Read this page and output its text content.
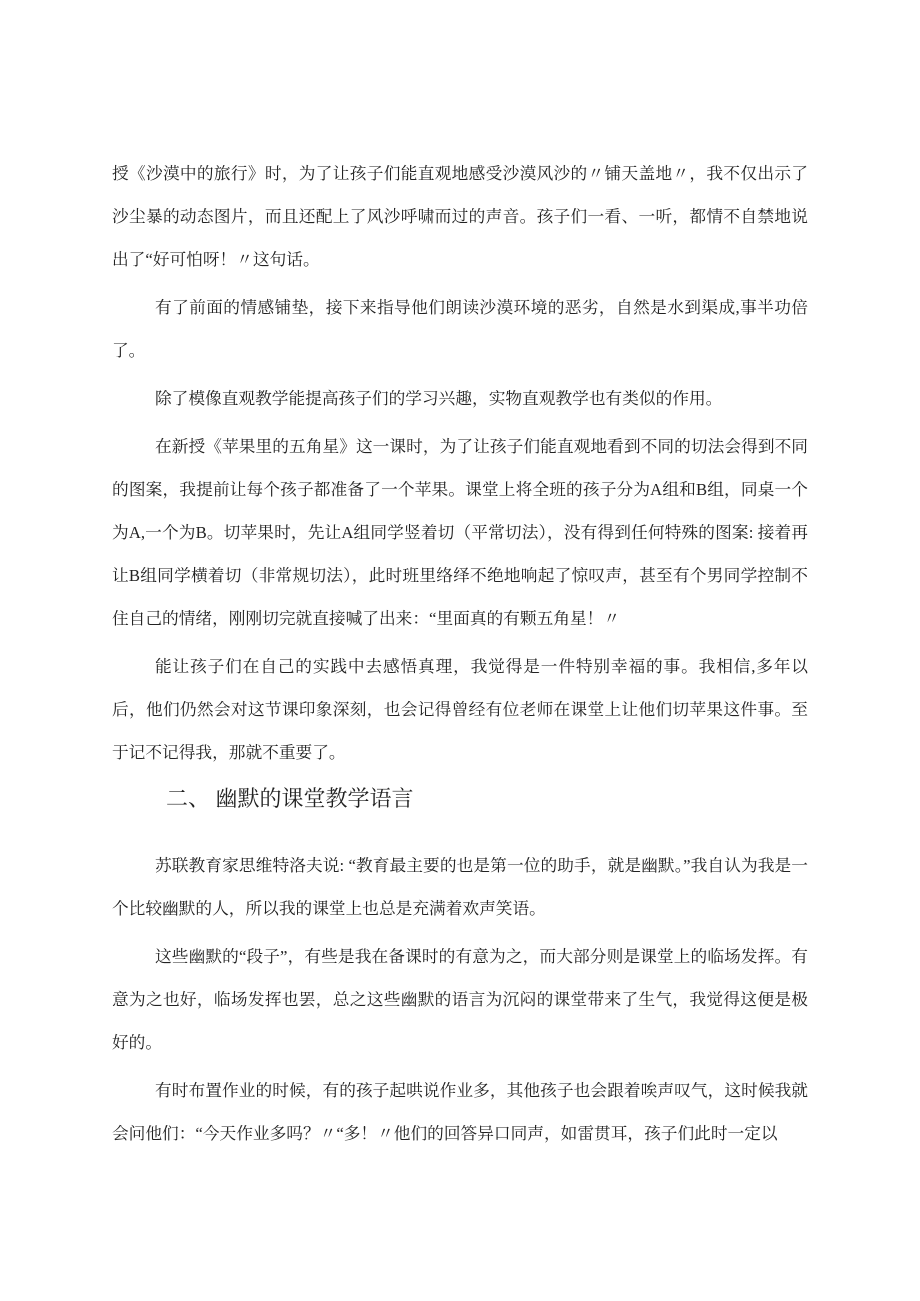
授《沙漠中的旅行》时，为了让孩子们能直观地感受沙漠风沙的〃铺天盖地〃，我不仅出示了沙尘暴的动态图片，而且还配上了风沙呼啸而过的声音。孩子们一看、一听，都情不自禁地说出了“好可怕呀！〃这句话。

有了前面的情感铺垫，接下来指导他们朗读沙漠环境的恶劣，自然是水到渠成,事半功倍了。

除了模像直观教学能提高孩子们的学习兴趣，实物直观教学也有类似的作用。

在新授《苹果里的五角星》这一课时，为了让孩子们能直观地看到不同的切法会得到不同的图案，我提前让每个孩子都准备了一个苹果。课堂上将全班的孩子分为A组和B组，同桌一个为A,一个为B。切苹果时，先让A组同学竖着切（平常切法），没有得到任何特殊的图案: 接着再让B组同学横着切（非常规切法），此时班里络绎不绝地响起了惊叹声，甚至有个男同学控制不住自己的情绪，刚刚切完就直接喊了出来：“里面真的有颗五角星！〃

能让孩子们在自己的实践中去感悟真理，我觉得是一件特别幸福的事。我相信,多年以后，他们仍然会对这节课印象深刻，也会记得曾经有位老师在课堂上让他们切苹果这件事。至于记不记得我，那就不重要了。

二、 幽默的课堂教学语言

苏联教育家思维特洛夫说: “教育最主要的也是第一位的助手，就是幽默。”我自认为我是一个比较幽默的人，所以我的课堂上也总是充满着欢声笑语。

这些幽默的“段子”，有些是我在备课时的有意为之，而大部分则是课堂上的临场发挥。有意为之也好，临场发挥也罢，总之这些幽默的语言为沉闷的课堂带来了生气，我觉得这便是极好的。

有时布置作业的时候，有的孩子起哄说作业多，其他孩子也会跟着唉声叹气，这时候我就会问他们：“今天作业多吗？〃“多！〃他们的回答异口同声，如雷贯耳，孩子们此时一定以
